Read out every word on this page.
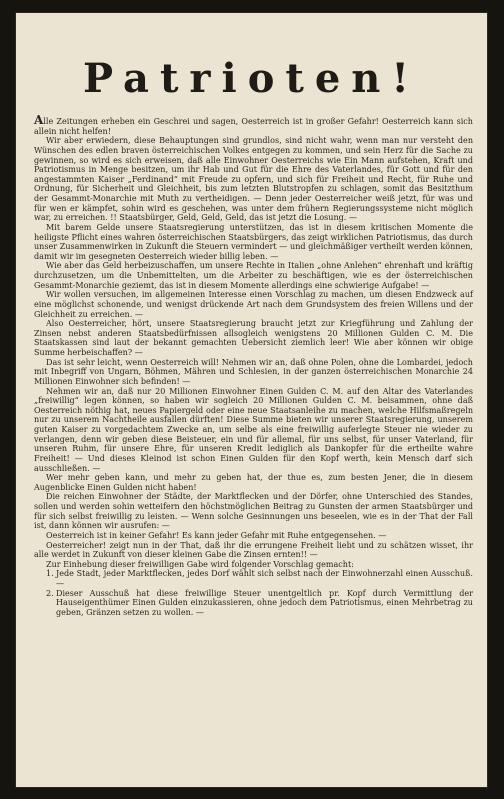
Patrioten!

Alle Zeitungen erheben ein Geschrei und sagen, Oesterreich ist in großer Gefahr! Oesterreich kann sich allein nicht helfen!

Wir aber erwiedern, diese Behauptungen sind grundlos, sind nicht wahr, wenn man nur versteht den Wünschen des edlen braven österreichischen Volkes entgegen zu kommen, und sein Herz für die Sache zu gewinnen, so wird es sich erweisen, daß alle Einwohner Oesterreichs wie Ein Mann aufstehen, Kraft und Patriotismus in Menge besitzen, um ihr Hab und Gut für die Ehre des Vaterlandes, für Gott und für den angestammten Kaiser „Ferdinand“ mit Freude zu opfern, und sich für Freiheit und Recht, für Ruhe und Ordnung, für Sicherheit und Gleichheit, bis zum letzten Blutstropfen zu schlagen, somit das Besitzthum der Gesammt-Monarchie mit Muth zu vertheidigen. — Denn jeder Oesterreicher weiß jetzt, für was und für wen er kämpfet, sohin wird es geschehen, was unter dem frühern Regierungssysteme nicht möglich war, zu erreichen. !! Staatsbürger, Geld, Geld, Geld, das ist jetzt die Losung. —

Mit barem Gelde unsere Staatsregierung unterstützen, das ist in diesem kritischen Momente die heiligste Pflicht eines wahren österreichischen Staatsbürgers, das zeigt wirklichen Patriotismus, das durch unser Zusammenwirken in Zukunft die Steuern vermindert — und gleichmäßiger vertheilt werden können, damit wir im gesegneten Oesterreich wieder billig leben. —

Wie aber das Geld herbeizuschaffen, um unsere Rechte in Italien „ohne Anlehen“ ehrenhaft und kräftig durchzusetzen, um die Unbemittelten, um die Arbeiter zu beschäftigen, wie es der österreichischen Gesammt-Monarchie geziemt, das ist in diesem Momente allerdings eine schwierige Aufgabe! —

Wir wollen versuchen, im allgemeinen Interesse einen Vorschlag zu machen, um diesen Endzweck auf eine möglichst schonende, und wenigst drückende Art nach dem Grundsystem des freien Willens und der Gleichheit zu erreichen. —

Also Oesterreicher, hört, unsere Staatsregierung braucht jetzt zur Kriegführung und Zahlung der Zinsen nebst anderen Staatsbedürfnissen allsogleich wenigstens 20 Millionen Gulden C. M. Die Staatskassen sind laut der bekannt gemachten Uebersicht ziemlich leer! Wie aber können wir obige Summe herbeischaffen? —

Das ist sehr leicht, wenn Oesterreich will! Nehmen wir an, daß ohne Polen, ohne die Lombardei, jedoch mit Inbegriff von Ungarn, Böhmen, Mähren und Schlesien, in der ganzen österreichischen Monarchie 24 Millionen Einwohner sich befinden! —

Nehmen wir an, daß nur 20 Millionen Einwohner Einen Gulden C. M. auf den Altar des Vaterlandes „freiwillig“ legen können, so haben wir sogleich 20 Millionen Gulden C. M. beisammen, ohne daß Oesterreich nöthig hat, neues Papiergeld oder eine neue Staatsanleihe zu machen, welche Hilfsmaßregeln nur zu unserem Nachtheile ausfallen dürften! Diese Summe bieten wir unserer Staatsregierung, unserem guten Kaiser zu vorgedachtem Zwecke an, um selbe als eine freiwillig auferlegte Steuer nie wieder zu verlangen, denn wir geben diese Beisteuer, ein und für allemal, für uns selbst, für unser Vaterland, für unseren Ruhm, für unsere Ehre, für unseren Kredit lediglich als Dankopfer für die ertheilte wahre Freiheit! — Und dieses Kleinod ist schon Einen Gulden für den Kopf werth, kein Mensch darf sich ausschließen. —

Wer mehr geben kann, und mehr zu geben hat, der thue es, zum besten Jener, die in diesem Augenblicke Einen Gulden nicht haben!

Die reichen Einwohner der Städte, der Marktflecken und der Dörfer, ohne Unterschied des Standes, sollen und werden sohin wetteifern den höchstmöglichen Beitrag zu Gunsten der armen Staatsbürger und für sich selbst freiwillig zu leisten. — Wenn solche Gesinnungen uns beseelen, wie es in der That der Fall ist, dann können wir ausrufen: —

Oesterreich ist in keiner Gefahr! Es kann jeder Gefahr mit Ruhe entgegensehen. —

Oesterreicher! zeigt nun in der That, daß ihr die errungene Freiheit liebt und zu schätzen wisset, ihr alle werdet in Zukunft von dieser kleinen Gabe die Zinsen ernten!! —

Zur Einhebung dieser freiwilligen Gabe wird folgender Vorschlag gemacht:

1. Jede Stadt, jeder Marktflecken, jedes Dorf wählt sich selbst nach der Einwohnerzahl einen Ausschuß. —
2. Dieser Ausschuß hat diese freiwillige Steuer unentgeltlich pr. Kopf durch Vermittlung der Hauseigenthümer Einen Gulden einzukassieren, ohne jedoch dem Patriotismus, einen Mehrbetrag zu geben, Gränzen setzen zu wollen. —
